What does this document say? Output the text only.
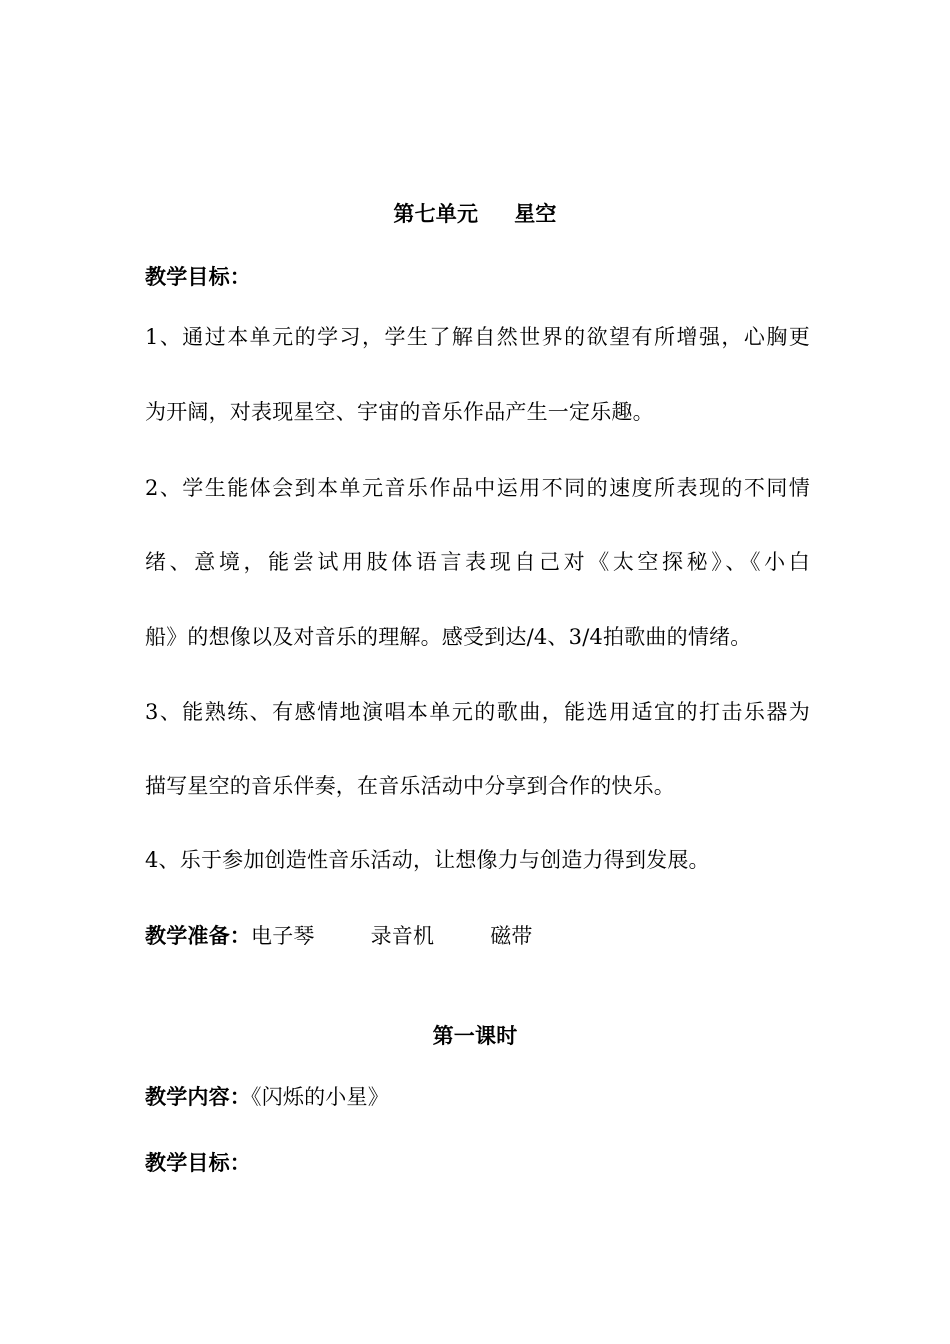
第七单元 星空
教学目标：
1、通过本单元的学习，学生了解自然世界的欲望有所增强，心胸更
为开阔，对表现星空、宇宙的音乐作品产生一定乐趣。
2、学生能体会到本单元音乐作品中运用不同的速度所表现的不同情
绪、意境，能尝试用肢体语言表现自己对《太空探秘》、《小白
船》的想像以及对音乐的理解。感受到达/4、3/4拍歌曲的情绪。
3、能熟练、有感情地演唱本单元的歌曲，能选用适宜的打击乐器为
描写星空的音乐伴奏，在音乐活动中分享到合作的快乐。
4、乐于参加创造性音乐活动，让想像力与创造力得到发展。
教学准备：电子琴	录音机	磁带
第一课时
教学内容：《闪烁的小星》
教学目标：
